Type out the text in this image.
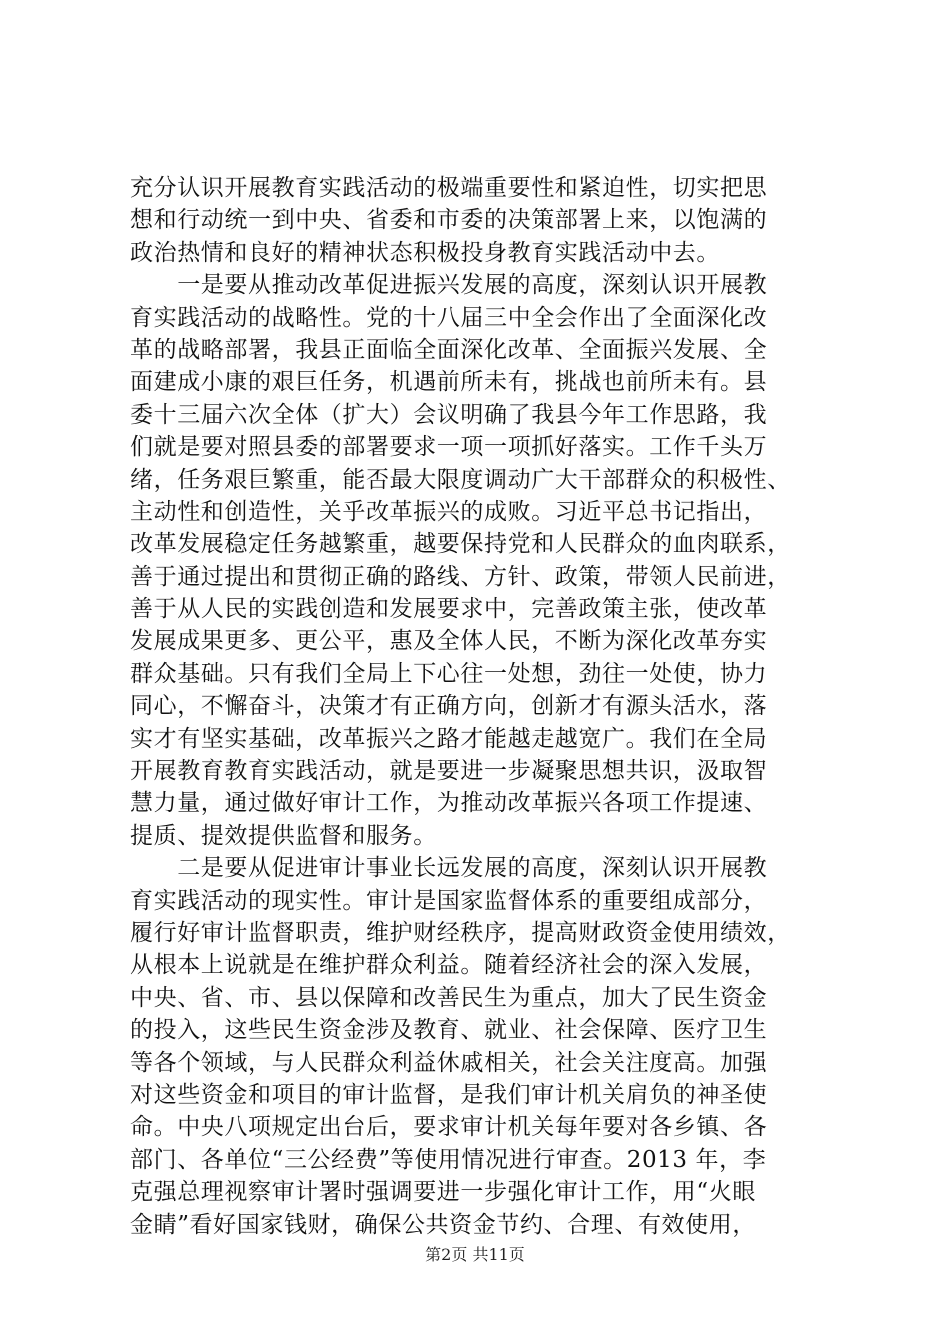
充分认识开展教育实践活动的极端重要性和紧迫性，切实把思
想和行动统一到中央、省委和市委的决策部署上来，以饱满的
政治热情和良好的精神状态积极投身教育实践活动中去。
　　一是要从推动改革促进振兴发展的高度，深刻认识开展教
育实践活动的战略性。党的十八届三中全会作出了全面深化改
革的战略部署，我县正面临全面深化改革、全面振兴发展、全
面建成小康的艰巨任务，机遇前所未有，挑战也前所未有。县
委十三届六次全体（扩大）会议明确了我县今年工作思路，我
们就是要对照县委的部署要求一项一项抓好落实。工作千头万
绪，任务艰巨繁重，能否最大限度调动广大干部群众的积极性、
主动性和创造性，关乎改革振兴的成败。习近平总书记指出，
改革发展稳定任务越繁重，越要保持党和人民群众的血肉联系，
善于通过提出和贯彻正确的路线、方针、政策，带领人民前进，
善于从人民的实践创造和发展要求中，完善政策主张，使改革
发展成果更多、更公平，惠及全体人民，不断为深化改革夯实
群众基础。只有我们全局上下心往一处想，劲往一处使，协力
同心，不懈奋斗，决策才有正确方向，创新才有源头活水，落
实才有坚实基础，改革振兴之路才能越走越宽广。我们在全局
开展教育教育实践活动，就是要进一步凝聚思想共识，汲取智
慧力量，通过做好审计工作，为推动改革振兴各项工作提速、
提质、提效提供监督和服务。
　　二是要从促进审计事业长远发展的高度，深刻认识开展教
育实践活动的现实性。审计是国家监督体系的重要组成部分，
履行好审计监督职责，维护财经秩序，提高财政资金使用绩效，
从根本上说就是在维护群众利益。随着经济社会的深入发展，
中央、省、市、县以保障和改善民生为重点，加大了民生资金
的投入，这些民生资金涉及教育、就业、社会保障、医疗卫生
等各个领域，与人民群众利益休戚相关，社会关注度高。加强
对这些资金和项目的审计监督，是我们审计机关肩负的神圣使
命。中央八项规定出台后，要求审计机关每年要对各乡镇、各
部门、各单位“三公经费”等使用情况进行审查。2013 年，李
克强总理视察审计署时强调要进一步强化审计工作，用“火眼
金睛”看好国家钱财，确保公共资金节约、合理、有效使用，
第2页 共11页
